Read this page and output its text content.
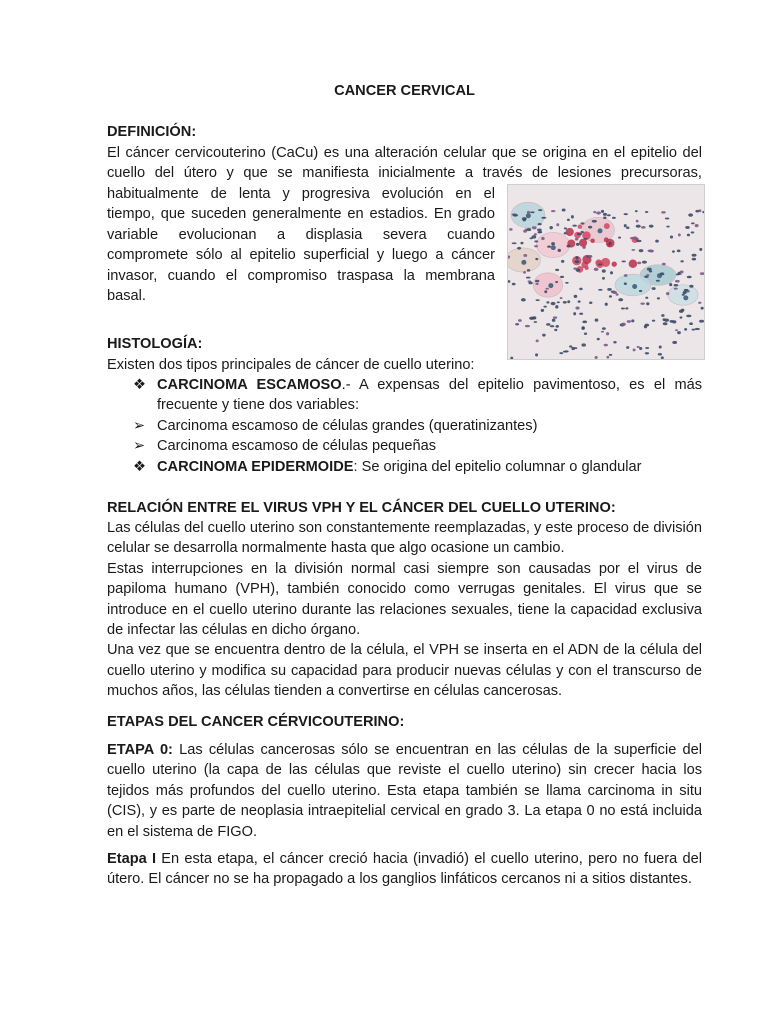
CANCER CERVICAL

DEFINICIÓN:

El cáncer cervicouterino (CaCu) es una alteración celular que se origina en el epitelio del

cuello del útero y que se manifiesta inicialmente a través de lesiones precursoras,

habitualmente de lenta y progresiva evolución en el

tiempo, que suceden generalmente en estadios. En grado

variable evolucionan a displasia severa cuando

compromete sólo al epitelio superficial y luego a cáncer

invasor, cuando el compromiso traspasa la membrana

basal.

HISTOLOGÍA:

Existen dos tipos principales de cáncer de cuello uterino:

❖ CARCINOMA ESCAMOSO.- A expensas del epitelio pavimentoso, es el más
frecuente y tiene dos variables:
➢ Carcinoma escamoso de células grandes (queratinizantes)
➢ Carcinoma escamoso de células pequeñas
❖ CARCINOMA EPIDERMOIDE: Se origina del epitelio columnar o glandular

RELACIÓN ENTRE EL VIRUS VPH Y EL CÁNCER DEL CUELLO UTERINO:

Las células del cuello uterino son constantemente reemplazadas, y este proceso de división celular se desarrolla normalmente hasta que algo ocasione un cambio.

Estas interrupciones en la división normal casi siempre son causadas por el virus de papiloma humano (VPH), también conocido como verrugas genitales. El virus que se introduce en el cuello uterino durante las relaciones sexuales, tiene la capacidad exclusiva de infectar las células en dicho órgano.

Una vez que se encuentra dentro de la célula, el VPH se inserta en el ADN de la célula del cuello uterino y modifica su capacidad para producir nuevas células y con el transcurso de muchos años, las células tienden a convertirse en células cancerosas.

ETAPAS DEL CANCER CÉRVICOUTERINO:

ETAPA 0: Las células cancerosas sólo se encuentran en las células de la superficie del cuello uterino (la capa de las células que reviste el cuello uterino) sin crecer hacia los tejidos más profundos del cuello uterino. Esta etapa también se llama carcinoma in situ (CIS), y es parte de neoplasia intraepitelial cervical en grado 3. La etapa 0 no está incluida en el sistema de FIGO.

Etapa I En esta etapa, el cáncer creció hacia (invadió) el cuello uterino, pero no fuera del útero. El cáncer no se ha propagado a los ganglios linfáticos cercanos ni a sitios distantes.
